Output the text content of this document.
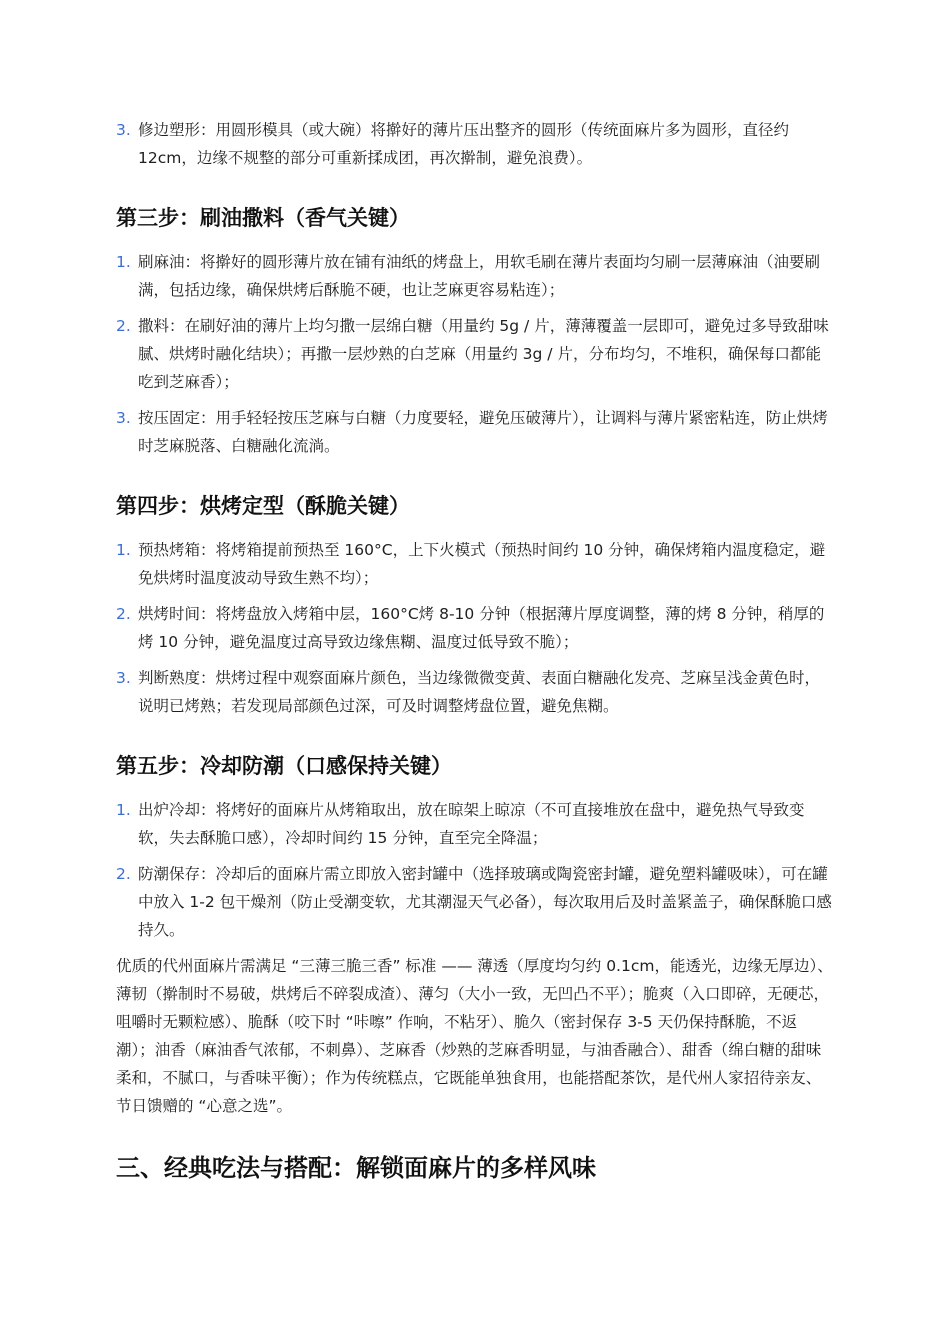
3. 修边塑形：用圆形模具（或大碗）将擀好的薄片压出整齐的圆形（传统面麻片多为圆形，直径约 12cm，边缘不规整的部分可重新揉成团，再次擀制，避免浪费）。
第三步：刷油撒料（香气关键）
1. 刷麻油：将擀好的圆形薄片放在铺有油纸的烤盘上，用软毛刷在薄片表面均匀刷一层薄麻油（油要刷满，包括边缘，确保烘烤后酥脆不硬，也让芝麻更容易粘连）；
2. 撒料：在刷好油的薄片上均匀撒一层绵白糖（用量约 5g / 片，薄薄覆盖一层即可，避免过多导致甜味腻、烘烤时融化结块）；再撒一层炒熟的白芝麻（用量约 3g / 片，分布均匀，不堆积，确保每口都能吃到芝麻香）；
3. 按压固定：用手轻轻按压芝麻与白糖（力度要轻，避免压破薄片），让调料与薄片紧密粘连，防止烘烤时芝麻脱落、白糖融化流淌。
第四步：烘烤定型（酥脆关键）
1. 预热烤箱：将烤箱提前预热至 160°C，上下火模式（预热时间约 10 分钟，确保烤箱内温度稳定，避免烘烤时温度波动导致生熟不均）；
2. 烘烤时间：将烤盘放入烤箱中层，160°C烤 8-10 分钟（根据薄片厚度调整，薄的烤 8 分钟，稍厚的烤 10 分钟，避免温度过高导致边缘焦糊、温度过低导致不脆）；
3. 判断熟度：烘烤过程中观察面麻片颜色，当边缘微微变黄、表面白糖融化发亮、芝麻呈浅金黄色时，说明已烤熟；若发现局部颜色过深，可及时调整烤盘位置，避免焦糊。
第五步：冷却防潮（口感保持关键）
1. 出炉冷却：将烤好的面麻片从烤箱取出，放在晾架上晾凉（不可直接堆放在盘中，避免热气导致变软，失去酥脆口感），冷却时间约 15 分钟，直至完全降温；
2. 防潮保存：冷却后的面麻片需立即放入密封罐中（选择玻璃或陶瓷密封罐，避免塑料罐吸味），可在罐中放入 1-2 包干燥剂（防止受潮变软，尤其潮湿天气必备），每次取用后及时盖紧盖子，确保酥脆口感持久。

优质的代州面麻片需满足 “三薄三脆三香” 标准 —— 薄透（厚度均匀约 0.1cm，能透光，边缘无厚边）、薄韧（擀制时不易破，烘烤后不碎裂成渣）、薄匀（大小一致，无凹凸不平）；脆爽（入口即碎，无硬芯，咀嚼时无颗粒感）、脆酥（咬下时 “咔嚓” 作响，不粘牙）、脆久（密封保存 3-5 天仍保持酥脆，不返潮）；油香（麻油香气浓郁，不刺鼻）、芝麻香（炒熟的芝麻香明显，与油香融合）、甜香（绵白糖的甜味柔和，不腻口，与香味平衡）；作为传统糕点，它既能单独食用，也能搭配茶饮，是代州人家招待亲友、节日馈赠的 “心意之选”。

三、经典吃法与搭配：解锁面麻片的多样风味
